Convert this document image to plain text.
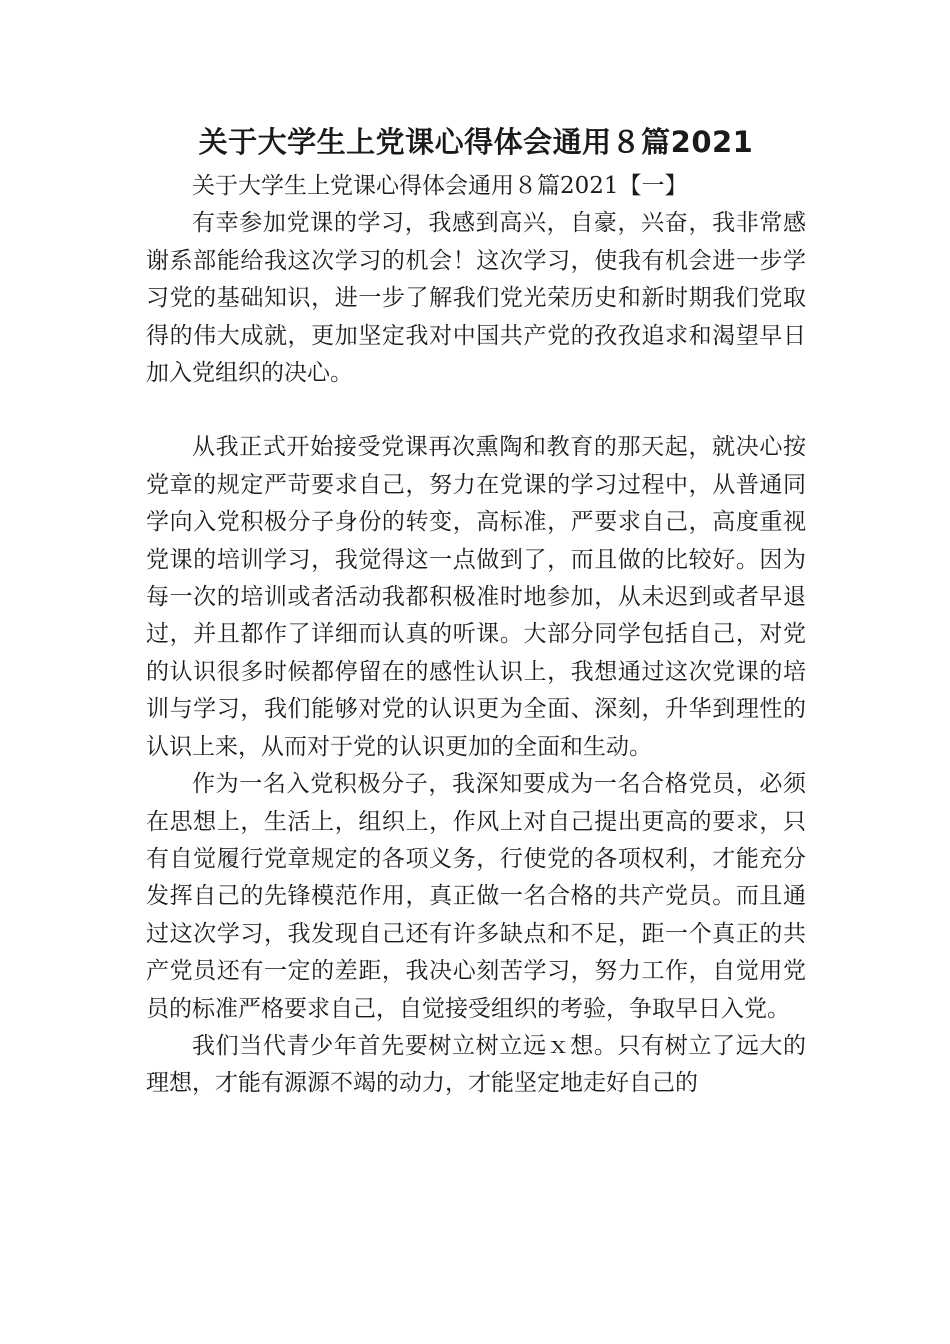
关于大学生上党课心得体会通用８篇2021

关于大学生上党课心得体会通用８篇2021【一】

有幸参加党课的学习，我感到高兴，自豪，兴奋，我非常感谢系部能给我这次学习的机会！这次学习，使我有机会进一步学习党的基础知识，进一步了解我们党光荣历史和新时期我们党取得的伟大成就，更加坚定我对中国共产党的孜孜追求和渴望早日加入党组织的决心。

从我正式开始接受党课再次熏陶和教育的那天起，就决心按党章的规定严苛要求自己，努力在党课的学习过程中，从普通同学向入党积极分子身份的转变，高标准，严要求自己，高度重视党课的培训学习，我觉得这一点做到了，而且做的比较好。因为每一次的培训或者活动我都积极准时地参加，从未迟到或者早退过，并且都作了详细而认真的听课。大部分同学包括自己，对党的认识很多时候都停留在的感性认识上，我想通过这次党课的培训与学习，我们能够对党的认识更为全面、深刻，升华到理性的认识上来，从而对于党的认识更加的全面和生动。

作为一名入党积极分子，我深知要成为一名合格党员，必须在思想上，生活上，组织上，作风上对自己提出更高的要求，只有自觉履行党章规定的各项义务，行使党的各项权利，才能充分发挥自己的先锋模范作用，真正做一名合格的共产党员。而且通过这次学习，我发现自己还有许多缺点和不足，距一个真正的共产党员还有一定的差距，我决心刻苦学习，努力工作，自觉用党员的标准严格要求自己，自觉接受组织的考验，争取早日入党。

我们当代青少年首先要树立树立远ｘ想。只有树立了远大的理想，才能有源源不竭的动力，才能坚定地走好自己的
